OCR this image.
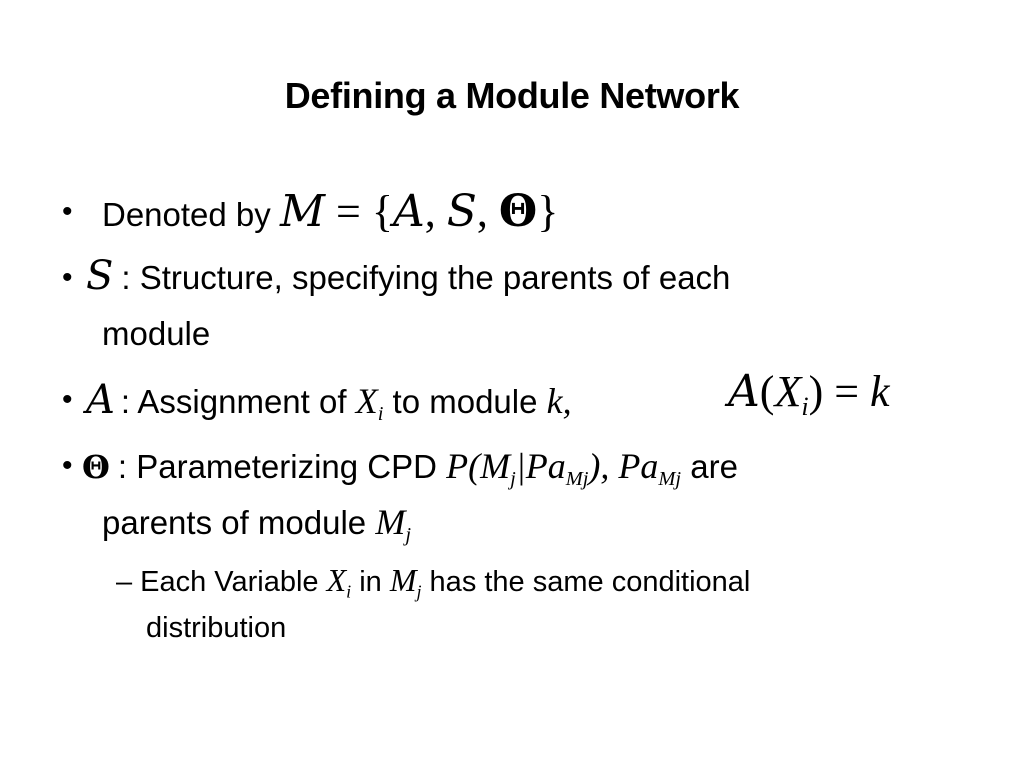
Defining a Module Network
• Denoted by M = {A, S, Θ}
• S : Structure, specifying the parents of each
module
• A : Assignment of $X_i$ to module k,	$A(X_i) = k$
• Θ : Parameterizing CPD $P(M_j|Pa_{Mj})$, $Pa_{Mj}$ are
parents of module $M_j$
– Each Variable $X_i$ in $M_j$ has the same conditional
distribution
